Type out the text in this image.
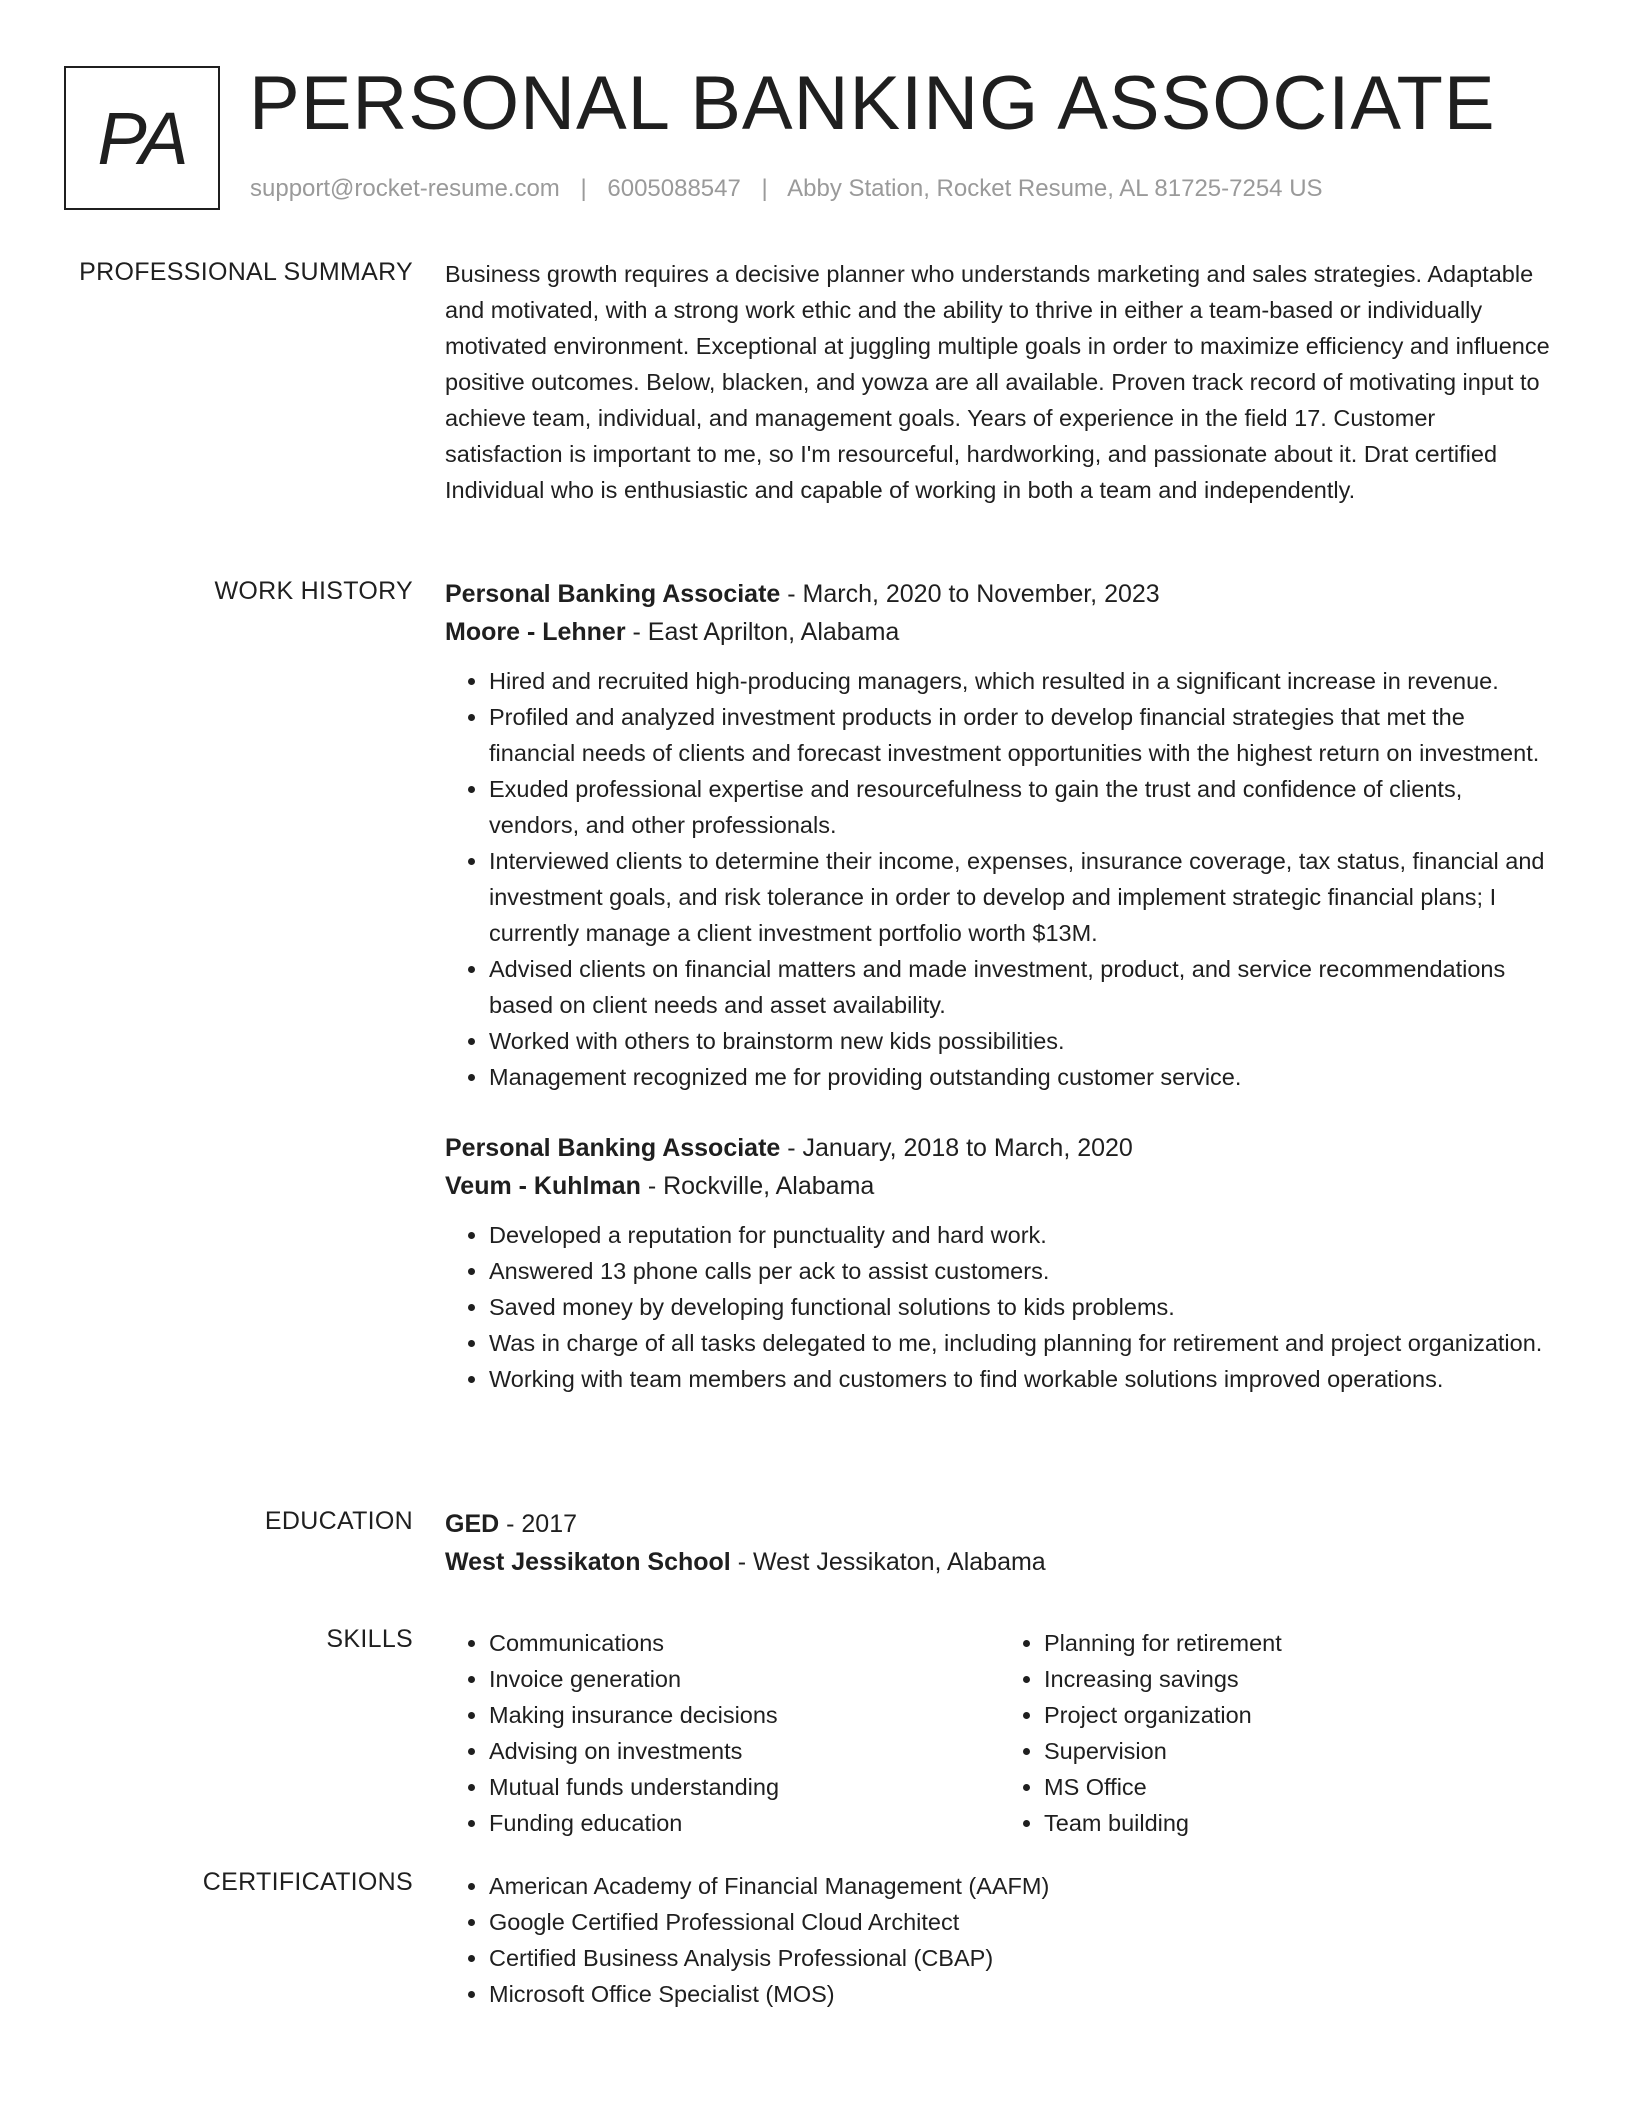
PA PERSONAL BANKING ASSOCIATE
support@rocket-resume.com | 6005088547 | Abby Station, Rocket Resume, AL 81725-7254 US
PROFESSIONAL SUMMARY Business growth requires a decisive planner who understands marketing and sales strategies. Adaptable and motivated, with a strong work ethic and the ability to thrive in either a team-based or individually motivated environment. Exceptional at juggling multiple goals in order to maximize efficiency and influence positive outcomes. Below, blacken, and yowza are all available. Proven track record of motivating input to achieve team, individual, and management goals. Years of experience in the field 17. Customer satisfaction is important to me, so I'm resourceful, hardworking, and passionate about it. Drat certified Individual who is enthusiastic and capable of working in both a team and independently.

WORK HISTORY Personal Banking Associate - March, 2020 to November, 2023
Moore - Lehner - East Aprilton, Alabama
• Hired and recruited high-producing managers, which resulted in a significant increase in revenue.
• Profiled and analyzed investment products in order to develop financial strategies that met the financial needs of clients and forecast investment opportunities with the highest return on investment.
• Exuded professional expertise and resourcefulness to gain the trust and confidence of clients, vendors, and other professionals.
• Interviewed clients to determine their income, expenses, insurance coverage, tax status, financial and investment goals, and risk tolerance in order to develop and implement strategic financial plans; I currently manage a client investment portfolio worth $13M.
• Advised clients on financial matters and made investment, product, and service recommendations based on client needs and asset availability.
• Worked with others to brainstorm new kids possibilities.
• Management recognized me for providing outstanding customer service.
Personal Banking Associate - January, 2018 to March, 2020
Veum - Kuhlman - Rockville, Alabama
• Developed a reputation for punctuality and hard work.
• Answered 13 phone calls per ack to assist customers.
• Saved money by developing functional solutions to kids problems.
• Was in charge of all tasks delegated to me, including planning for retirement and project organization.
• Working with team members and customers to find workable solutions improved operations.
EDUCATION GED - 2017
West Jessikaton School - West Jessikaton, Alabama
SKILLS	• Communications
• Invoice generation
• Making insurance decisions
• Advising on investments
• Mutual funds understanding
• Funding education
• Planning for retirement
• Increasing savings
• Project organization
• Supervision
• MS Office
• Team building
CERTIFICATIONS	• American Academy of Financial Management (AAFM)
• Google Certified Professional Cloud Architect
• Certified Business Analysis Professional (CBAP)
• Microsoft Office Specialist (MOS)
